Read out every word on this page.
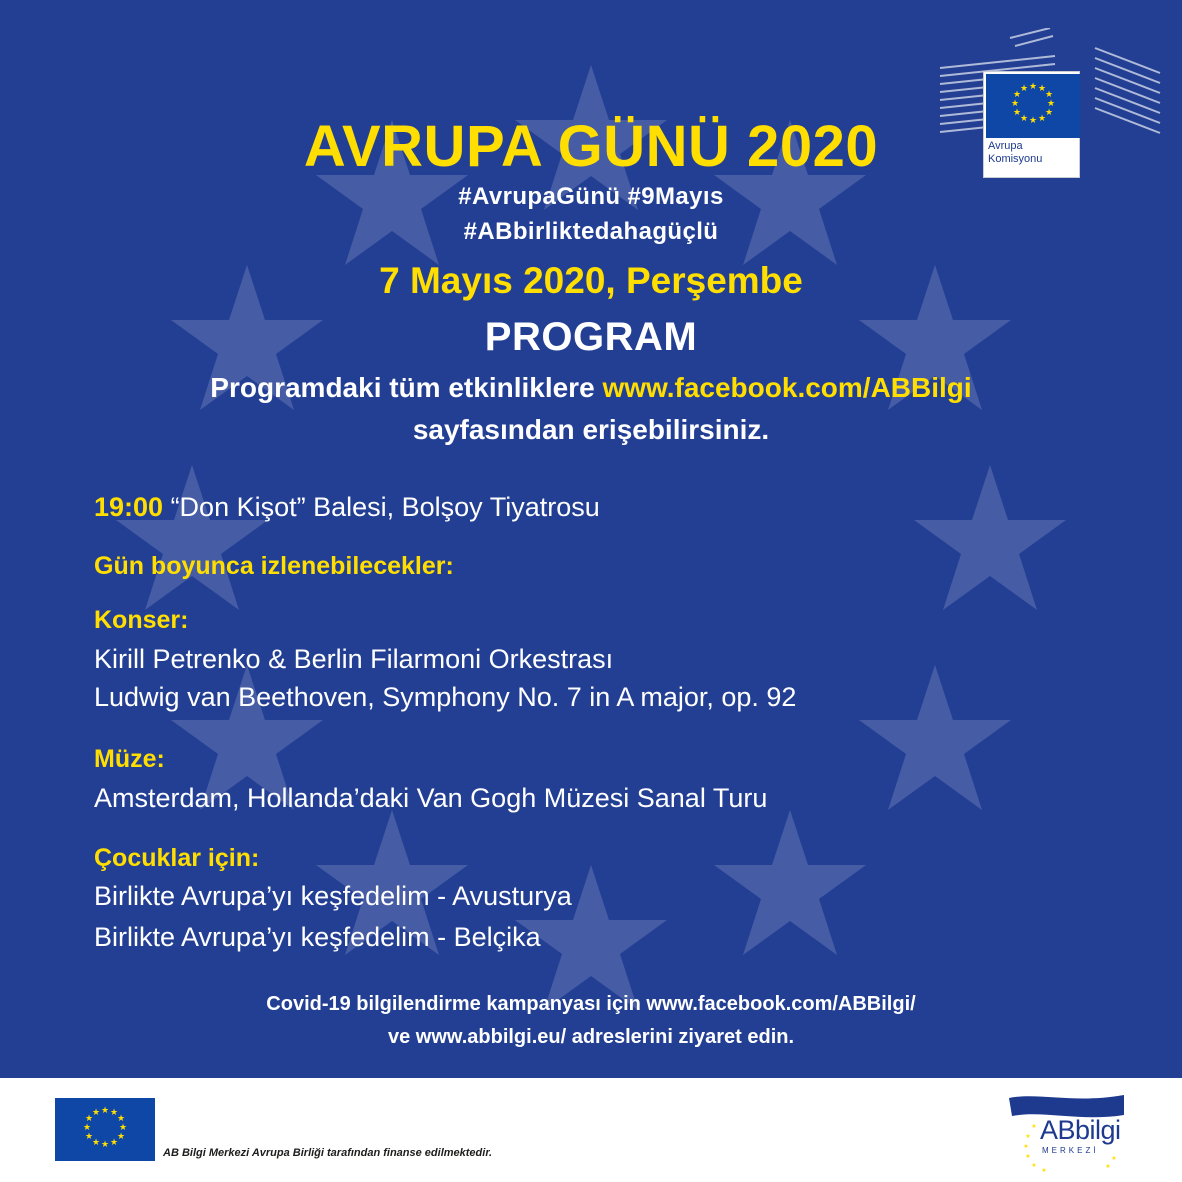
★ ★
★
★
★
★
★
★
★
★
★
★
Avrupa
Komisyonu
AVRUPA GÜNÜ 2020
#AvrupaGünü #9Mayıs
#ABbirliktedahagüçlü
7 Mayıs 2020, Perşembe
PROGRAM
Programdaki tüm etkinliklere www.facebook.com/ABBilgi
sayfasından erişebilirsiniz.
19:00 “Don Kişot” Balesi, Bolşoy Tiyatrosu
Gün boyunca izlenebilecekler:
Konser:
Kirill Petrenko & Berlin Filarmoni Orkestrası
Ludwig van Beethoven, Symphony No. 7 in A major, op. 92
Müze:
Amsterdam, Hollanda’daki Van Gogh Müzesi Sanal Turu
Çocuklar için:
Birlikte Avrupa’yı keşfedelim - Avusturya
Birlikte Avrupa’yı keşfedelim - Belçika
Covid-19 bilgilendirme kampanyası için www.facebook.com/ABBilgi/
ve www.abbilgi.eu/ adreslerini ziyaret edin.
★ ★
★
★
★
★
★
★
★
★
★
★
AB Bilgi Merkezi Avrupa Birliği tarafından finanse edilmektedir.
★
★
★
★
★
★
★
★
ABbilgi
MERKEZİ
